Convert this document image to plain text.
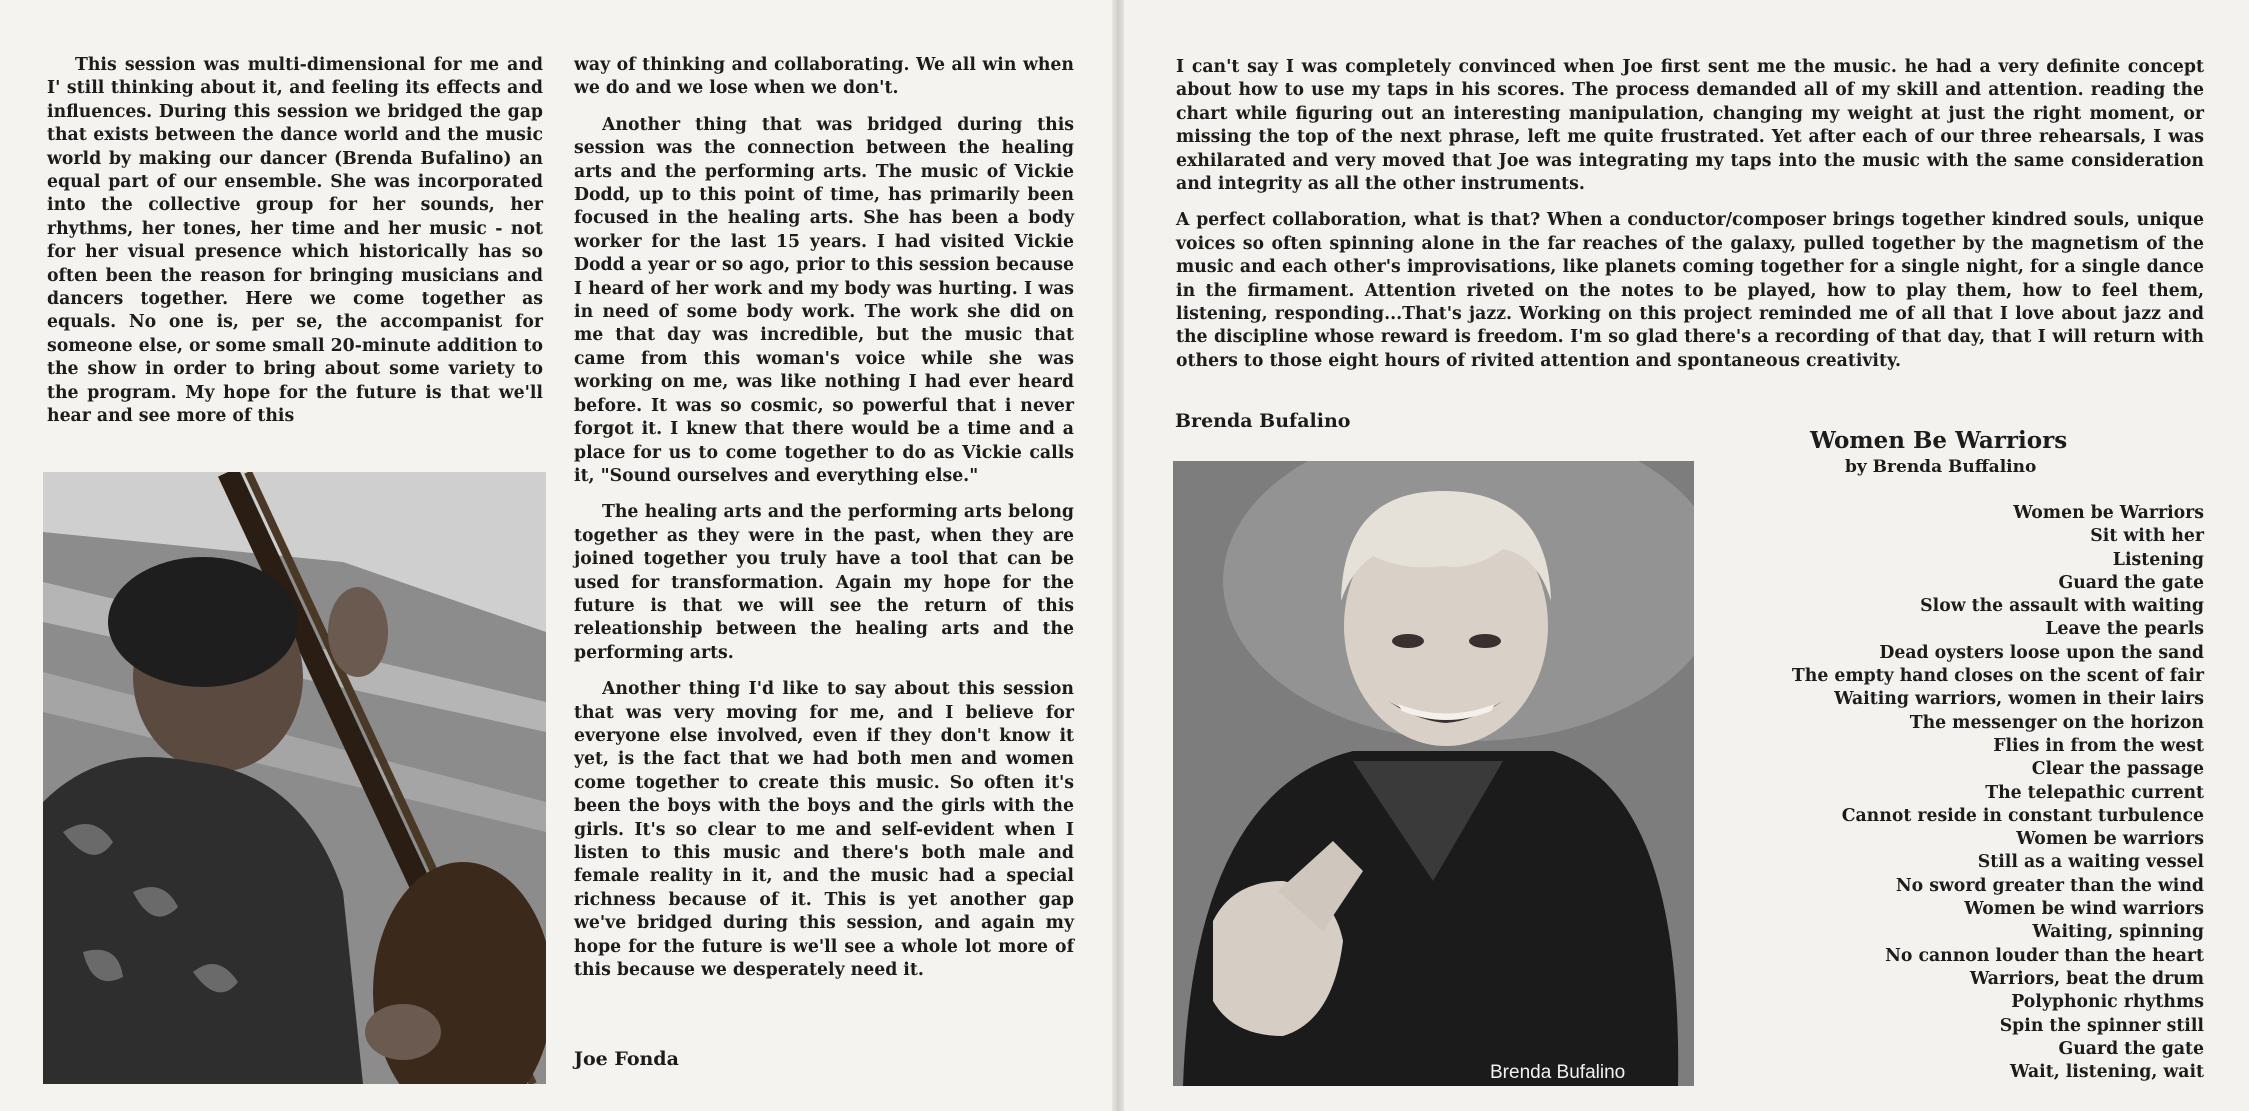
This session was multi-dimensional for me and I' still thinking about it, and feeling its effects and influences. During this session we bridged the gap that exists between the dance world and the music world by making our dancer (Brenda Bufalino) an equal part of our ensemble. She was incorporated into the collective group for her sounds, her rhythms, her tones, her time and her music - not for her visual presence which historically has so often been the reason for bringing musicians and dancers together. Here we come together as equals. No one is, per se, the accompanist for someone else, or some small 20-minute addition to the show in order to bring about some variety to the program. My hope for the future is that we'll hear and see more of this

way of thinking and collaborating. We all win when we do and we lose when we don't.

Another thing that was bridged during this session was the connection between the healing arts and the performing arts. The music of Vickie Dodd, up to this point of time, has primarily been focused in the healing arts. She has been a body worker for the last 15 years. I had visited Vickie Dodd a year or so ago, prior to this session because I heard of her work and my body was hurting. I was in need of some body work. The work she did on me that day was incredible, but the music that came from this woman's voice while she was working on me, was like nothing I had ever heard before. It was so cosmic, so powerful that i never forgot it. I knew that there would be a time and a place for us to come together to do as Vickie calls it, "Sound ourselves and everything else."

The healing arts and the performing arts belong together as they were in the past, when they are joined together you truly have a tool that can be used for transformation. Again my hope for the future is that we will see the return of this releationship between the healing arts and the performing arts.

Another thing I'd like to say about this session that was very moving for me, and I believe for everyone else involved, even if they don't know it yet, is the fact that we had both men and women come together to create this music. So often it's been the boys with the boys and the girls with the girls. It's so clear to me and self-evident when I listen to this music and there's both male and female reality in it, and the music had a special richness because of it. This is yet another gap we've bridged during this session, and again my hope for the future is we'll see a whole lot more of this because we desperately need it.

Joe Fonda

I can't say I was completely convinced when Joe first sent me the music. he had a very definite concept about how to use my taps in his scores. The process demanded all of my skill and attention. reading the chart while figuring out an interesting manipulation, changing my weight at just the right moment, or missing the top of the next phrase, left me quite frustrated. Yet after each of our three rehearsals, I was exhilarated and very moved that Joe was integrating my taps into the music with the same consideration and integrity as all the other instruments.

A perfect collaboration, what is that? When a conductor/composer brings together kindred souls, unique voices so often spinning alone in the far reaches of the galaxy, pulled together by the magnetism of the music and each other's improvisations, like planets coming together for a single night, for a single dance in the firmament. Attention riveted on the notes to be played, how to play them, how to feel them, listening, responding...That's jazz. Working on this project reminded me of all that I love about jazz and the discipline whose reward is freedom. I'm so glad there's a recording of that day, that I will return with others to those eight hours of rivited attention and spontaneous creativity.

Brenda Bufalino
Brenda Bufalino
Women Be Warriors
by Brenda Buffalino
Women be Warriors
Sit with her
Listening
Guard the gate
Slow the assault with waiting
Leave the pearls
Dead oysters loose upon the sand
The empty hand closes on the scent of fair
Waiting warriors, women in their lairs
The messenger on the horizon
Flies in from the west
Clear the passage
The telepathic current
Cannot reside in constant turbulence
Women be warriors
Still as a waiting vessel
No sword greater than the wind
Women be wind warriors
Waiting, spinning
No cannon louder than the heart
Warriors, beat the drum
Polyphonic rhythms
Spin the spinner still
Guard the gate
Wait, listening, wait
